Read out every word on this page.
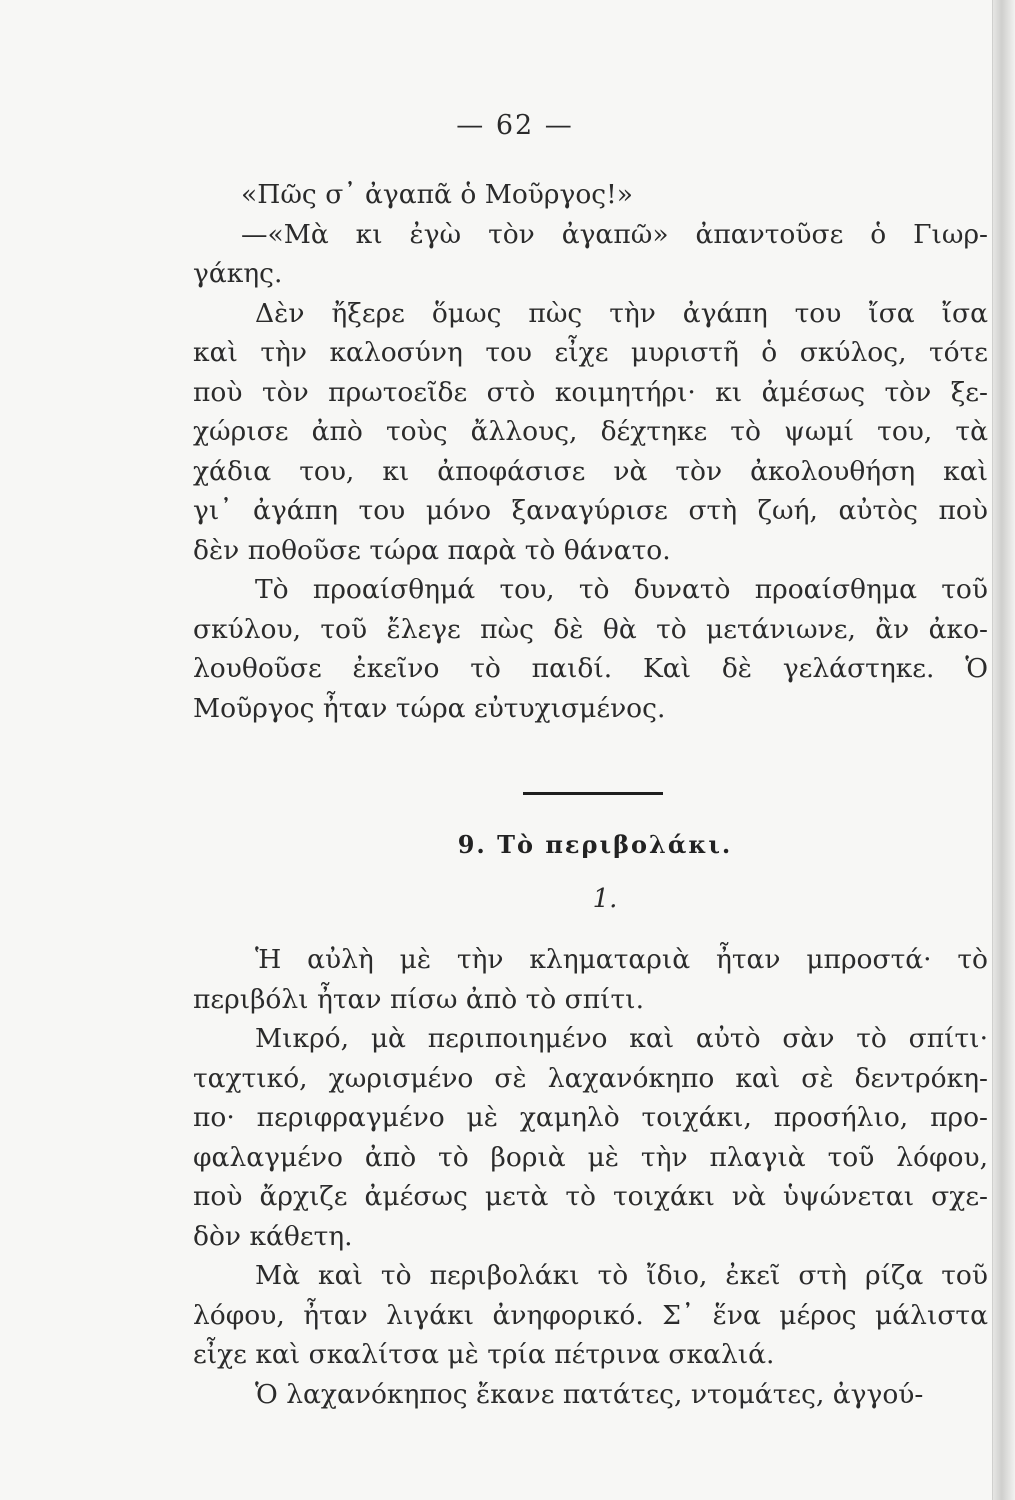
— 62 —
«Πῶς σ᾽ ἀγαπᾶ ὁ Μοῦργος!»
—«Μὰ κι ἐγὼ τὸν ἀγαπῶ» ἀπαντοῦσε ὁ Γιωρ-
γάκης.
Δὲν ἤξερε ὅμως πὼς τὴν ἀγάπη του ἴσα ἴσα
καὶ τὴν καλοσύνη του εἶχε μυριστῆ ὁ σκύλος, τότε
ποὺ τὸν πρωτοεῖδε στὸ κοιμητήρι· κι ἀμέσως τὸν ξε-
χώρισε ἀπὸ τοὺς ἄλλους, δέχτηκε τὸ ψωμί του, τὰ
χάδια του, κι ἀποφάσισε νὰ τὸν ἀκολουθήση καὶ
γι᾽ ἀγάπη του μόνο ξαναγύρισε στὴ ζωή, αὐτὸς ποὺ
δὲν ποθοῦσε τώρα παρὰ τὸ θάνατο.
Τὸ προαίσθημά του, τὸ δυνατὸ προαίσθημα τοῦ
σκύλου, τοῦ ἔλεγε πὼς δὲ θὰ τὸ μετάνιωνε, ἂν ἀκο-
λουθοῦσε ἐκεῖνο τὸ παιδί. Καὶ δὲ γελάστηκε. Ὁ
Μοῦργος ἦταν τώρα εὐτυχισμένος.
9. Τὸ περιβολάκι.
1.
Ἡ αὐλὴ μὲ τὴν κληματαριὰ ἦταν μπροστά· τὸ
περιβόλι ἦταν πίσω ἀπὸ τὸ σπίτι.
Μικρό, μὰ περιποιημένο καὶ αὐτὸ σὰν τὸ σπίτι·
ταχτικό, χωρισμένο σὲ λαχανόκηπο καὶ σὲ δεντρόκη-
πο· περιφραγμένο μὲ χαμηλὸ τοιχάκι, προσήλιο, προ-
φαλαγμένο ἀπὸ τὸ βοριὰ μὲ τὴν πλαγιὰ τοῦ λόφου,
ποὺ ἄρχιζε ἀμέσως μετὰ τὸ τοιχάκι νὰ ὑψώνεται σχε-
δὸν κάθετη.
Μὰ καὶ τὸ περιβολάκι τὸ ἴδιο, ἐκεῖ στὴ ρίζα τοῦ
λόφου, ἦταν λιγάκι ἀνηφορικό. Σ᾽ ἕνα μέρος μάλιστα
εἶχε καὶ σκαλίτσα μὲ τρία πέτρινα σκαλιά.
Ὁ λαχανόκηπος ἔκανε πατάτες, ντομάτες, ἀγγού-
